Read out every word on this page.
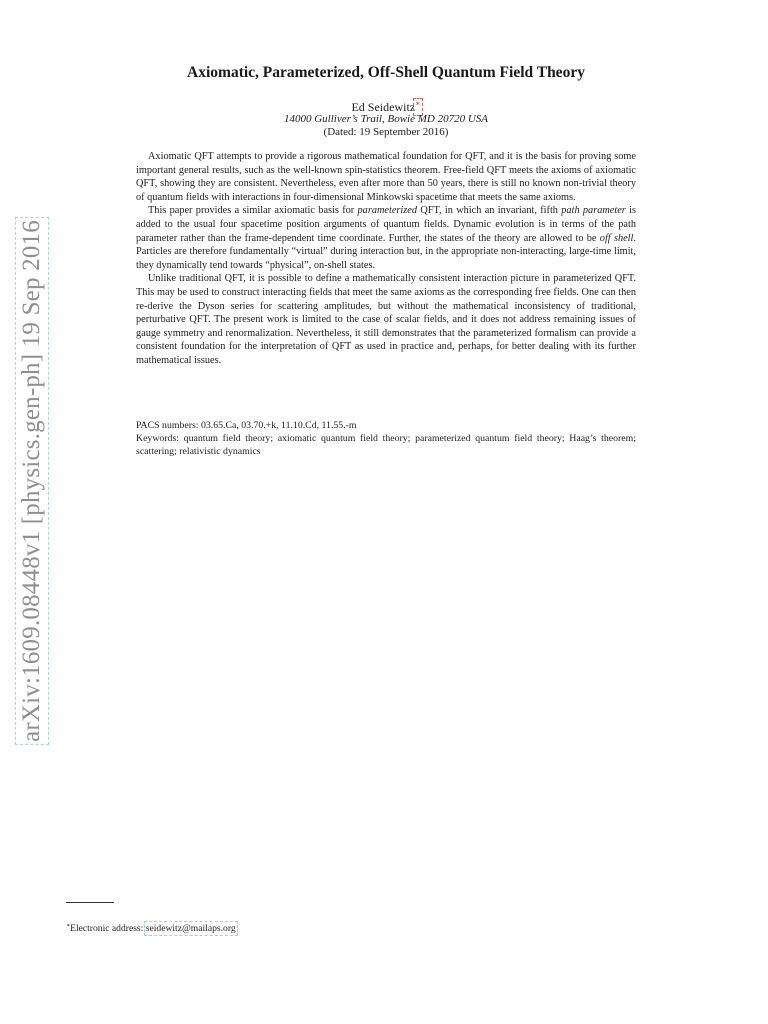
arXiv:1609.08448v1 [physics.gen-ph] 19 Sep 2016
Axiomatic, Parameterized, Off-Shell Quantum Field Theory
Ed Seidewitz∗
14000 Gulliver’s Trail, Bowie MD 20720 USA
(Dated: 19 September 2016)

Axiomatic QFT attempts to provide a rigorous mathematical foundation for QFT, and it is the basis for proving some important general results, such as the well-known spin-statistics theorem. Free-field QFT meets the axioms of axiomatic QFT, showing they are consistent. Nevertheless, even after more than 50 years, there is still no known non-trivial theory of quantum fields with interactions in four-dimensional Minkowski spacetime that meets the same axioms.

This paper provides a similar axiomatic basis for parameterized QFT, in which an invariant, fifth path parameter is added to the usual four spacetime position arguments of quantum fields. Dynamic evolution is in terms of the path parameter rather than the frame-dependent time coordinate. Further, the states of the theory are allowed to be off shell. Particles are therefore fundamentally “virtual” during interaction but, in the appropriate non-interacting, large-time limit, they dynamically tend towards “physical”, on-shell states.

Unlike traditional QFT, it is possible to define a mathematically consistent interaction picture in parameterized QFT. This may be used to construct interacting fields that meet the same axioms as the corresponding free fields. One can then re-derive the Dyson series for scattering amplitudes, but without the mathematical inconsistency of traditional, perturbative QFT. The present work is limited to the case of scalar fields, and it does not address remaining issues of gauge symmetry and renormalization. Nevertheless, it still demonstrates that the parameterized formalism can provide a consistent foundation for the interpretation of QFT as used in practice and, perhaps, for better dealing with its further mathematical issues.

PACS numbers: 03.65.Ca, 03.70.+k, 11.10.Cd, 11.55.-m
Keywords: quantum field theory; axiomatic quantum field theory; parameterized quantum field theory; Haag’s theorem; scattering; relativistic dynamics
∗Electronic address: seidewitz@mailaps.org
